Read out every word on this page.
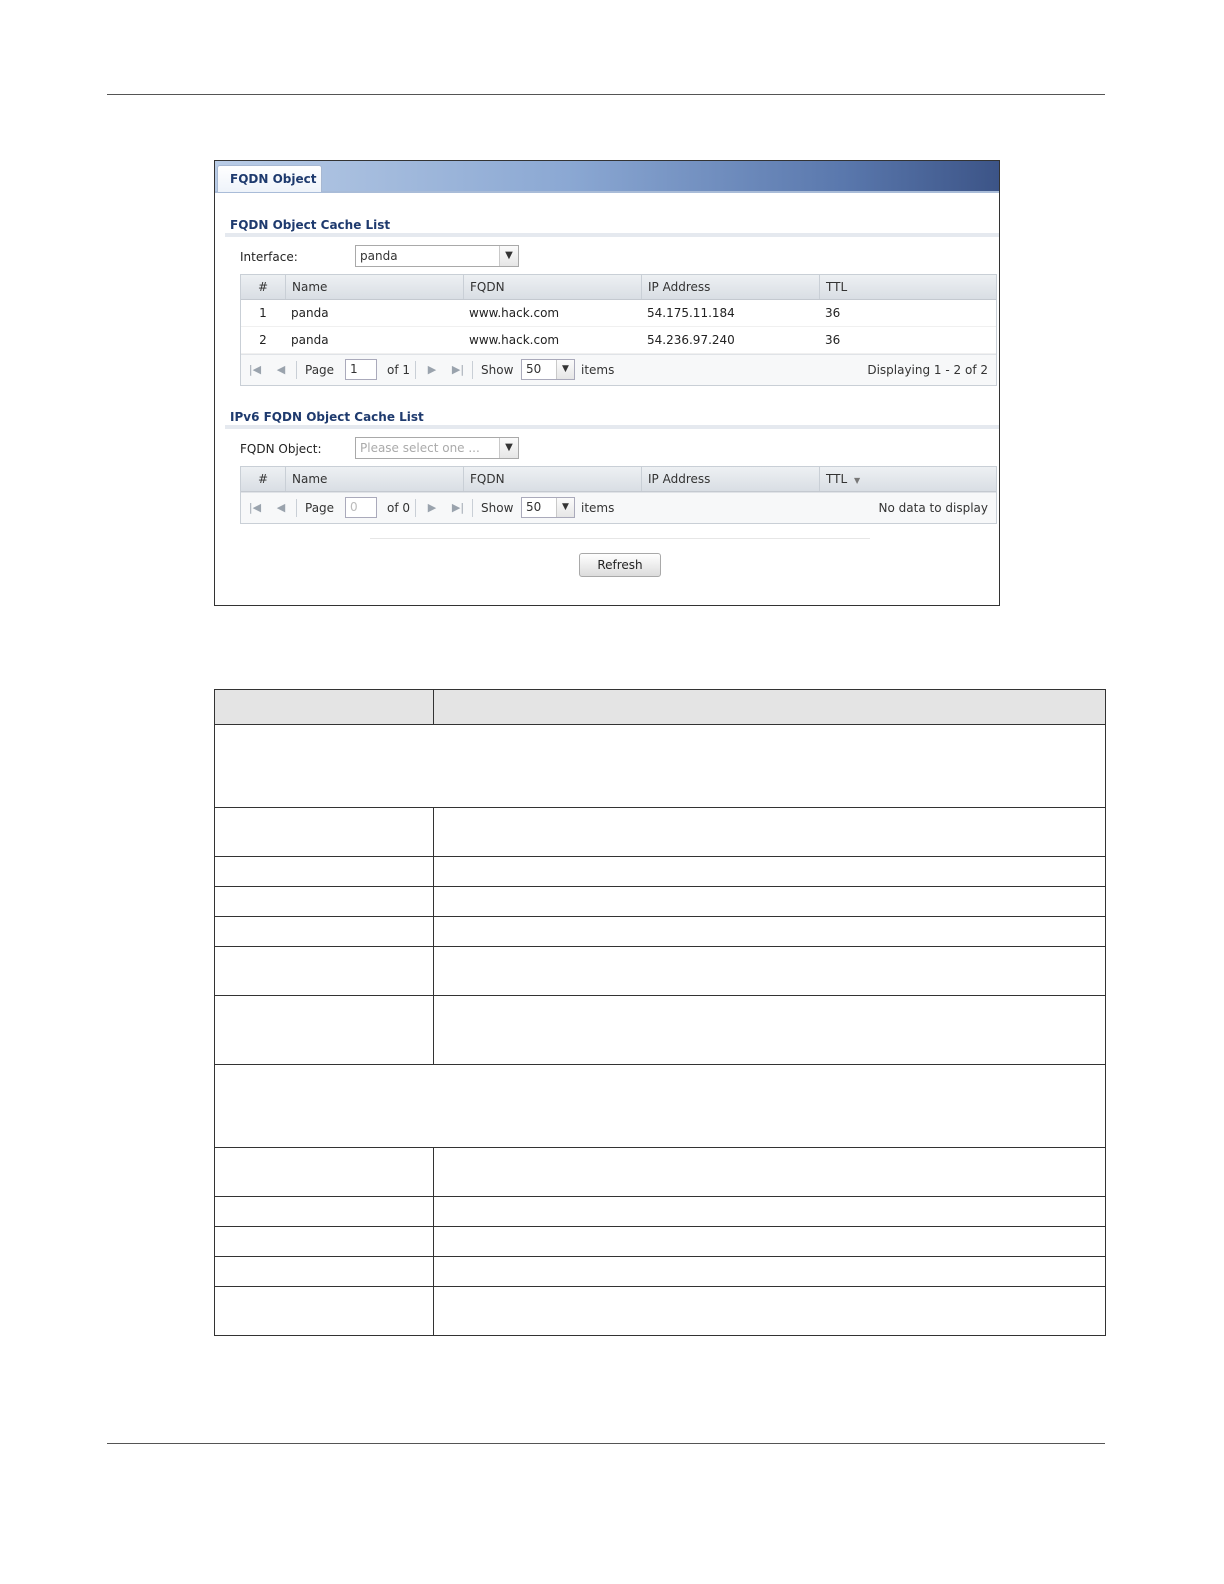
FQDN Object
FQDN Object Cache List
Interface:	panda	▼
#	Name	FQDN	IP Address	TTL
1	panda	www.hack.com	54.175.11.184	36
2	panda	www.hack.com	54.236.97.240	36
|◀	◀	Page	1	of 1	▶	▶| Show	50	▼	items	Displaying 1 - 2 of 2
IPv6 FQDN Object Cache List
FQDN Object:	Please select one ...	▼
#	Name	FQDN	IP Address	TTL ▼
|◀	◀	Page	0	of 0	▶	▶| Show	50	▼	items	No data to display
Refresh
